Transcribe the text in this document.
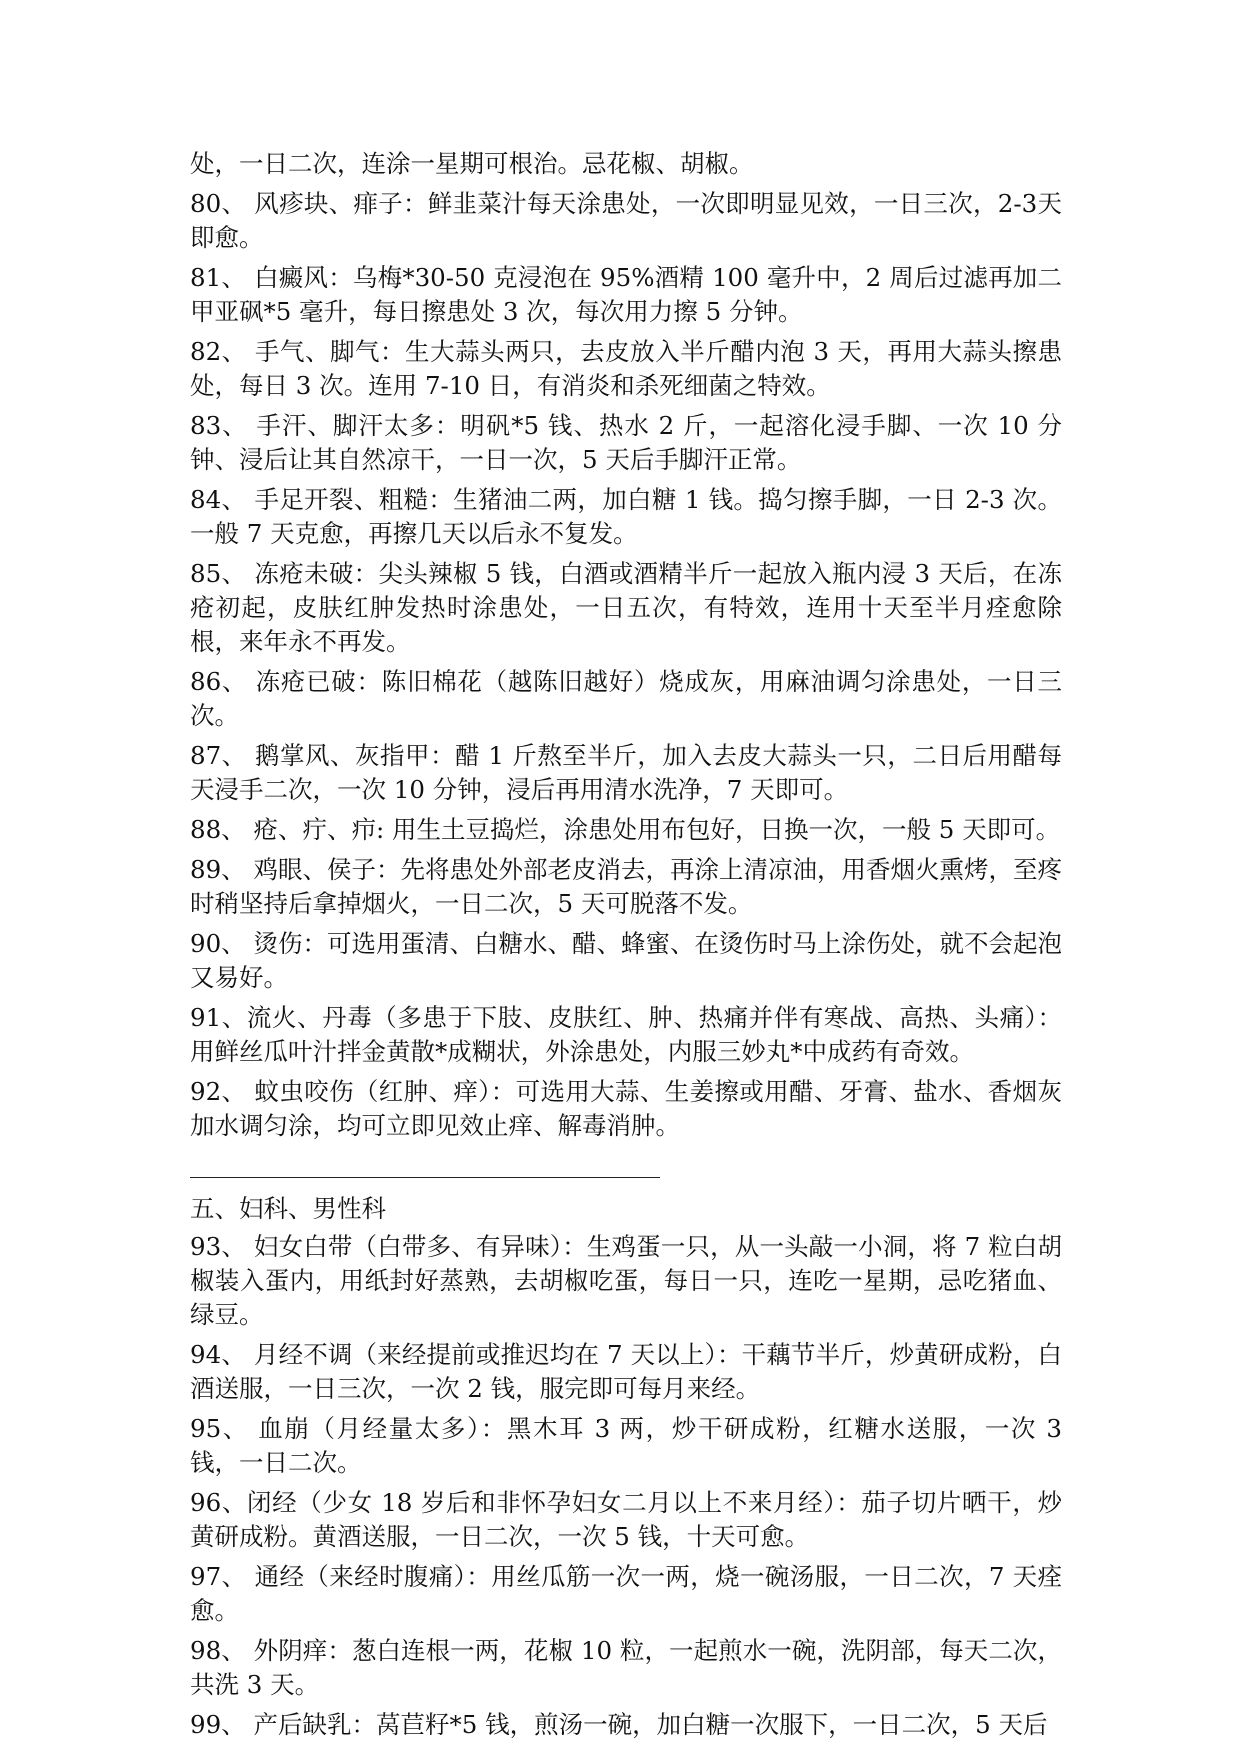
处，一日二次，连涂一星期可根治。忌花椒、胡椒。

80、 风疹块、痱子：鲜韭菜汁每天涂患处，一次即明显见效，一日三次，2-3天即愈。

81、 白癜风：乌梅*30-50 克浸泡在 95%酒精 100 毫升中，2 周后过滤再加二甲亚砜*5 毫升，每日擦患处 3 次，每次用力擦 5 分钟。

82、 手气、脚气：生大蒜头两只，去皮放入半斤醋内泡 3 天，再用大蒜头擦患处，每日 3 次。连用 7-10 日，有消炎和杀死细菌之特效。

83、 手汗、脚汗太多：明矾*5 钱、热水 2 斤，一起溶化浸手脚、一次 10 分钟、浸后让其自然凉干，一日一次，5 天后手脚汗正常。

84、 手足开裂、粗糙：生猪油二两，加白糖 1 钱。捣匀擦手脚，一日 2-3 次。一般 7 天克愈，再擦几天以后永不复发。

85、 冻疮未破：尖头辣椒 5 钱，白酒或酒精半斤一起放入瓶内浸 3 天后，在冻疮初起，皮肤红肿发热时涂患处，一日五次，有特效，连用十天至半月痊愈除根，来年永不再发。

86、 冻疮已破：陈旧棉花（越陈旧越好）烧成灰，用麻油调匀涂患处，一日三次。

87、 鹅掌风、灰指甲：醋 1 斤熬至半斤，加入去皮大蒜头一只，二日后用醋每天浸手二次，一次 10 分钟，浸后再用清水洗净，7 天即可。

88、 疮、疔、疖: 用生土豆捣烂，涂患处用布包好，日换一次，一般 5 天即可。

89、 鸡眼、侯子：先将患处外部老皮消去，再涂上清凉油，用香烟火熏烤，至疼时稍坚持后拿掉烟火，一日二次，5 天可脱落不发。

90、 烫伤：可选用蛋清、白糖水、醋、蜂蜜、在烫伤时马上涂伤处，就不会起泡又易好。

91、流火、丹毒（多患于下肢、皮肤红、肿、热痛并伴有寒战、高热、头痛）：用鲜丝瓜叶汁拌金黄散*成糊状，外涂患处，内服三妙丸*中成药有奇效。

92、 蚊虫咬伤（红肿、痒）：可选用大蒜、生姜擦或用醋、牙膏、盐水、香烟灰加水调匀涂，均可立即见效止痒、解毒消肿。

五、妇科、男性科

93、 妇女白带（白带多、有异味）：生鸡蛋一只，从一头敲一小洞，将 7 粒白胡椒装入蛋内，用纸封好蒸熟，去胡椒吃蛋，每日一只，连吃一星期，忌吃猪血、绿豆。

94、 月经不调（来经提前或推迟均在 7 天以上）：干藕节半斤，炒黄研成粉，白酒送服，一日三次，一次 2 钱，服完即可每月来经。

95、 血崩（月经量太多）：黑木耳 3 两，炒干研成粉，红糖水送服，一次 3 钱，一日二次。

96、闭经（少女 18 岁后和非怀孕妇女二月以上不来月经）：茄子切片晒干，炒黄研成粉。黄酒送服，一日二次，一次 5 钱，十天可愈。

97、 通经（来经时腹痛）：用丝瓜筋一次一两，烧一碗汤服，一日二次，7 天痊愈。

98、 外阴痒：葱白连根一两，花椒 10 粒，一起煎水一碗，洗阴部，每天二次，共洗 3 天。

99、 产后缺乳：莴苣籽*5 钱，煎汤一碗，加白糖一次服下，一日二次，5 天后
